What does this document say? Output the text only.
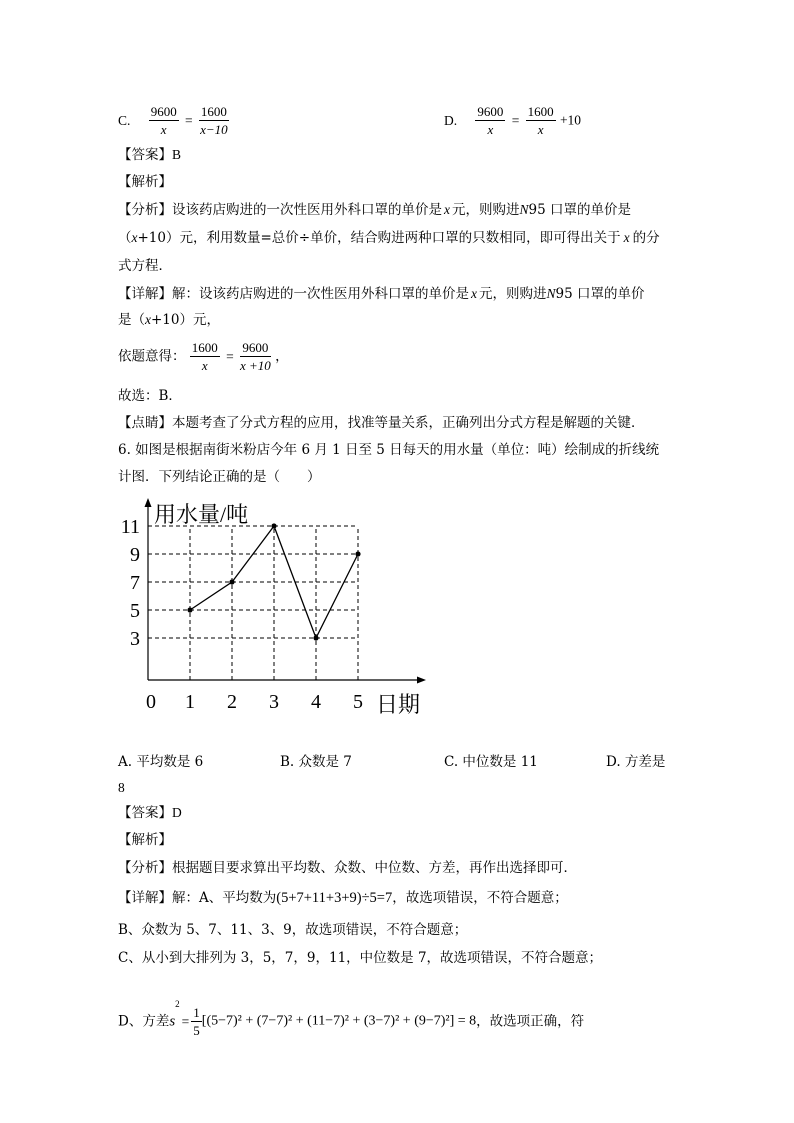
C. $\frac{9600}{x} = \frac{1600}{x-10}$	D. $\frac{9600}{x} = \frac{1600}{x} +10$
【答案】B
【解析】
【分析】设该药店购进的一次性医用外科口罩的单价是 x 元，则购进N95 口罩的单价是
（x+10）元，利用数量=总价÷单价，结合购进两种口罩的只数相同，即可得出关于 x 的分
式方程．
【详解】解：设该药店购进的一次性医用外科口罩的单价是 x 元，则购进N95 口罩的单价
是（x+10）元，
依题意得： $\frac{1600}{x} = \frac{9600}{x +10}$ ，
故选：B．
【点睛】本题考查了分式方程的应用，找准等量关系，正确列出分式方程是解题的关键．
6. 如图是根据南街米粉店今年 6 月 1 日至 5 日每天的用水量（单位：吨）绘制成的折线统
计图．下列结论正确的是（　　）
3
5
7
9
11
0 1 2 3 4 5
用水量/吨
日期
A. 平均数是 6	B. 众数是 7	C. 中位数是 11	D. 方差是
8
【答案】D
【解析】
【分析】根据题目要求算出平均数、众数、中位数、方差，再作出选择即可．
【详解】解：A、平均数为(5+7+11+3+9)÷5=7，故选项错误，不符合题意；
B、众数为 5、7、11、3、9，故选项错误，不符合题意；
C、从小到大排列为 3，5，7，9，11，中位数是 7，故选项错误，不符合题意；
D、方差$s^2= \frac{1}{5} [(5-7)^2 + (7-7)^2 + (11-7)^2 + (3-7)^2 + (9-7)^2] = 8$，故选项正确，符
